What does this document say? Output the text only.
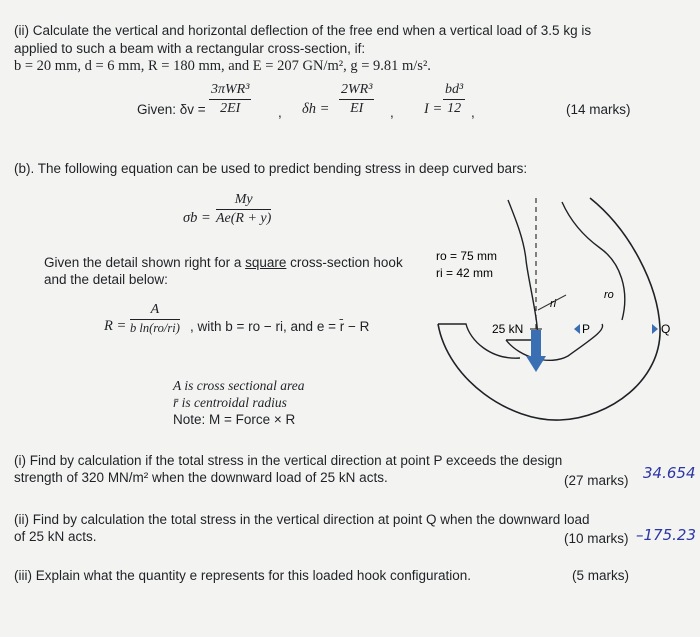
(ii) Calculate the vertical and horizontal deflection of the free end when a vertical load of 3.5 kg is
applied to such a beam with a rectangular cross-section, if:
b = 20 mm, d = 6 mm, R = 180 mm, and E = 207 GN/m², g = 9.81 m/s².
Given: δv =
3πWR³
2EI	, $\delta h = \frac{\text{2WR³}}{EI}$ , $I = \frac{\text{bd³}}{12}$ ,	(14 marks)
(b). The following equation can be used to predict bending stress in deep curved bars:
$\sigma b = \frac{My}{Ae(R + y)}$
Given the detail shown right for a square cross-section hook
and the detail below:
$R = \frac{A}{\text{b ln(ro/ri)}}$ , with b = ro − ri, and e = r̄ − R
A is cross sectional area
r̄ is centroidal radius
Note: M = Force × R
ro = 75 mm
ri = 42 mm
ri
ro
25 kN	P	Q
(i) Find by calculation if the total stress in the vertical direction at point P exceeds the design
strength of 320 MN/m² when the downward load of 25 kN acts.	(27 marks) 34.654
(ii) Find by calculation the total stress in the vertical direction at point Q when the downward load
of 25 kN acts.	(10 marks) –175.23
(iii) Explain what the quantity e represents for this loaded hook configuration.	(5 marks)
